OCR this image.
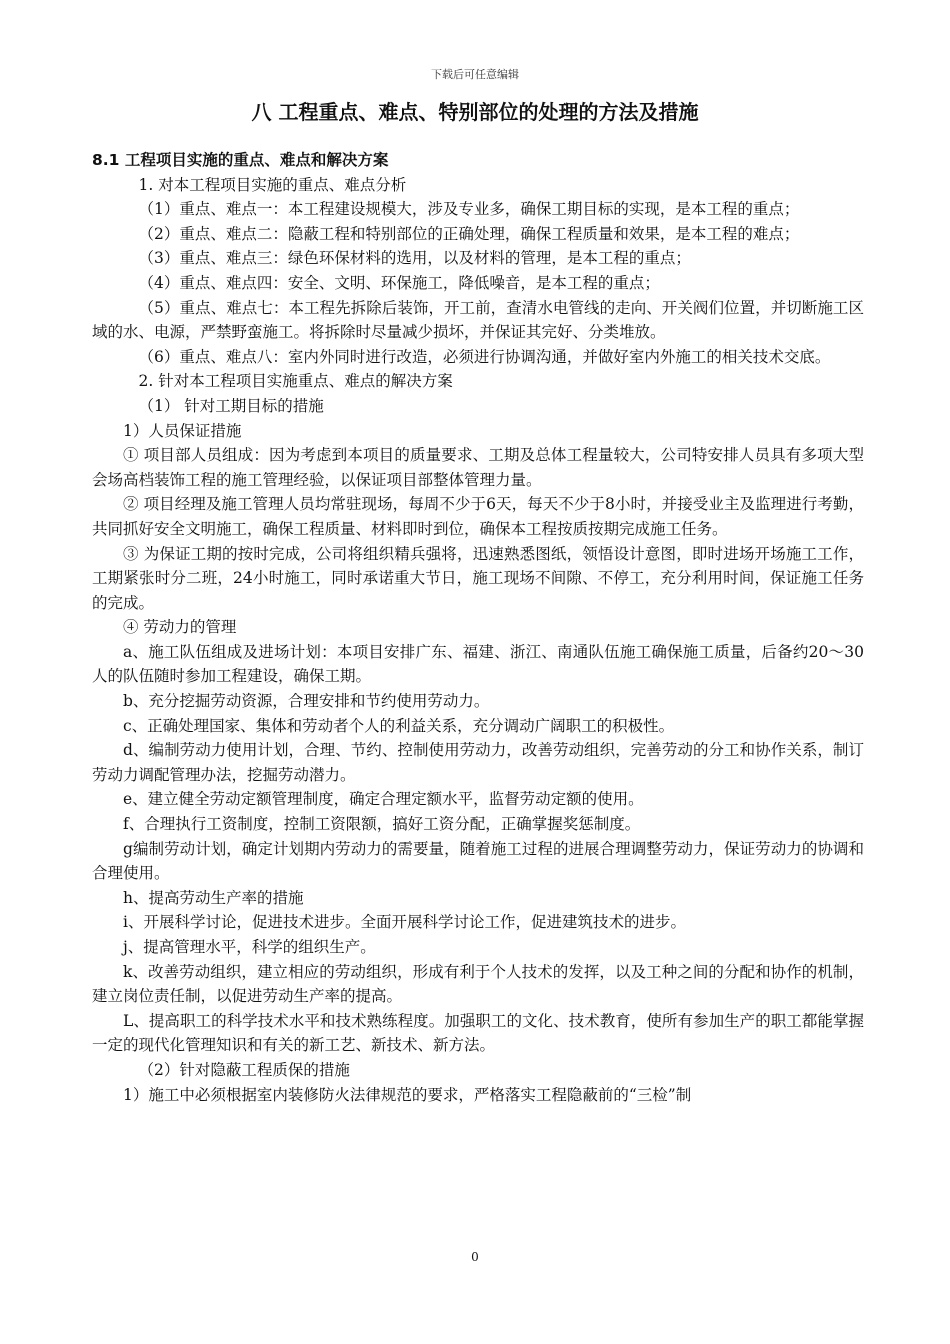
下载后可任意编辑
八 工程重点、难点、特别部位的处理的方法及措施

8.1 工程项目实施的重点、难点和解决方案

1. 对本工程项目实施的重点、难点分析

（1）重点、难点一：本工程建设规模大，涉及专业多，确保工期目标的实现，是本工程的重点；

（2）重点、难点二：隐蔽工程和特别部位的正确处理，确保工程质量和效果，是本工程的难点；

（3）重点、难点三：绿色环保材料的选用，以及材料的管理，是本工程的重点；

（4）重点、难点四：安全、文明、环保施工，降低噪音，是本工程的重点；

（5）重点、难点七：本工程先拆除后装饰，开工前，查清水电管线的走向、开关阀们位置，并切断施工区域的水、电源，严禁野蛮施工。将拆除时尽量减少损坏，并保证其完好、分类堆放。

（6）重点、难点八：室内外同时进行改造，必须进行协调沟通，并做好室内外施工的相关技术交底。

2. 针对本工程项目实施重点、难点的解决方案

（1） 针对工期目标的措施

1）人员保证措施

① 项目部人员组成：因为考虑到本项目的质量要求、工期及总体工程量较大，公司特安排人员具有多项大型会场高档装饰工程的施工管理经验，以保证项目部整体管理力量。

② 项目经理及施工管理人员均常驻现场，每周不少于6天，每天不少于8小时，并接受业主及监理进行考勤，共同抓好安全文明施工，确保工程质量、材料即时到位，确保本工程按质按期完成施工任务。

③ 为保证工期的按时完成，公司将组织精兵强将，迅速熟悉图纸，领悟设计意图，即时进场开场施工工作，工期紧张时分二班，24小时施工，同时承诺重大节日，施工现场不间隙、不停工，充分利用时间，保证施工任务的完成。

④ 劳动力的管理

a、施工队伍组成及进场计划：本项目安排广东、福建、浙江、南通队伍施工确保施工质量，后备约20～30人的队伍随时参加工程建设，确保工期。

b、充分挖掘劳动资源，合理安排和节约使用劳动力。

c、正确处理国家、集体和劳动者个人的利益关系，充分调动广阔职工的积极性。

d、编制劳动力使用计划，合理、节约、控制使用劳动力，改善劳动组织，完善劳动的分工和协作关系，制订劳动力调配管理办法，挖掘劳动潜力。

e、建立健全劳动定额管理制度，确定合理定额水平，监督劳动定额的使用。

f、合理执行工资制度，控制工资限额，搞好工资分配，正确掌握奖惩制度。

g编制劳动计划，确定计划期内劳动力的需要量，随着施工过程的进展合理调整劳动力，保证劳动力的协调和合理使用。

h、提高劳动生产率的措施

i、开展科学讨论，促进技术进步。全面开展科学讨论工作，促进建筑技术的进步。

j、提高管理水平，科学的组织生产。

k、改善劳动组织，建立相应的劳动组织，形成有利于个人技术的发挥，以及工种之间的分配和协作的机制，建立岗位责任制，以促进劳动生产率的提高。

L、提高职工的科学技术水平和技术熟练程度。加强职工的文化、技术教育，使所有参加生产的职工都能掌握一定的现代化管理知识和有关的新工艺、新技术、新方法。

（2）针对隐蔽工程质保的措施

1）施工中必须根据室内装修防火法律规范的要求，严格落实工程隐蔽前的“三检”制

0
